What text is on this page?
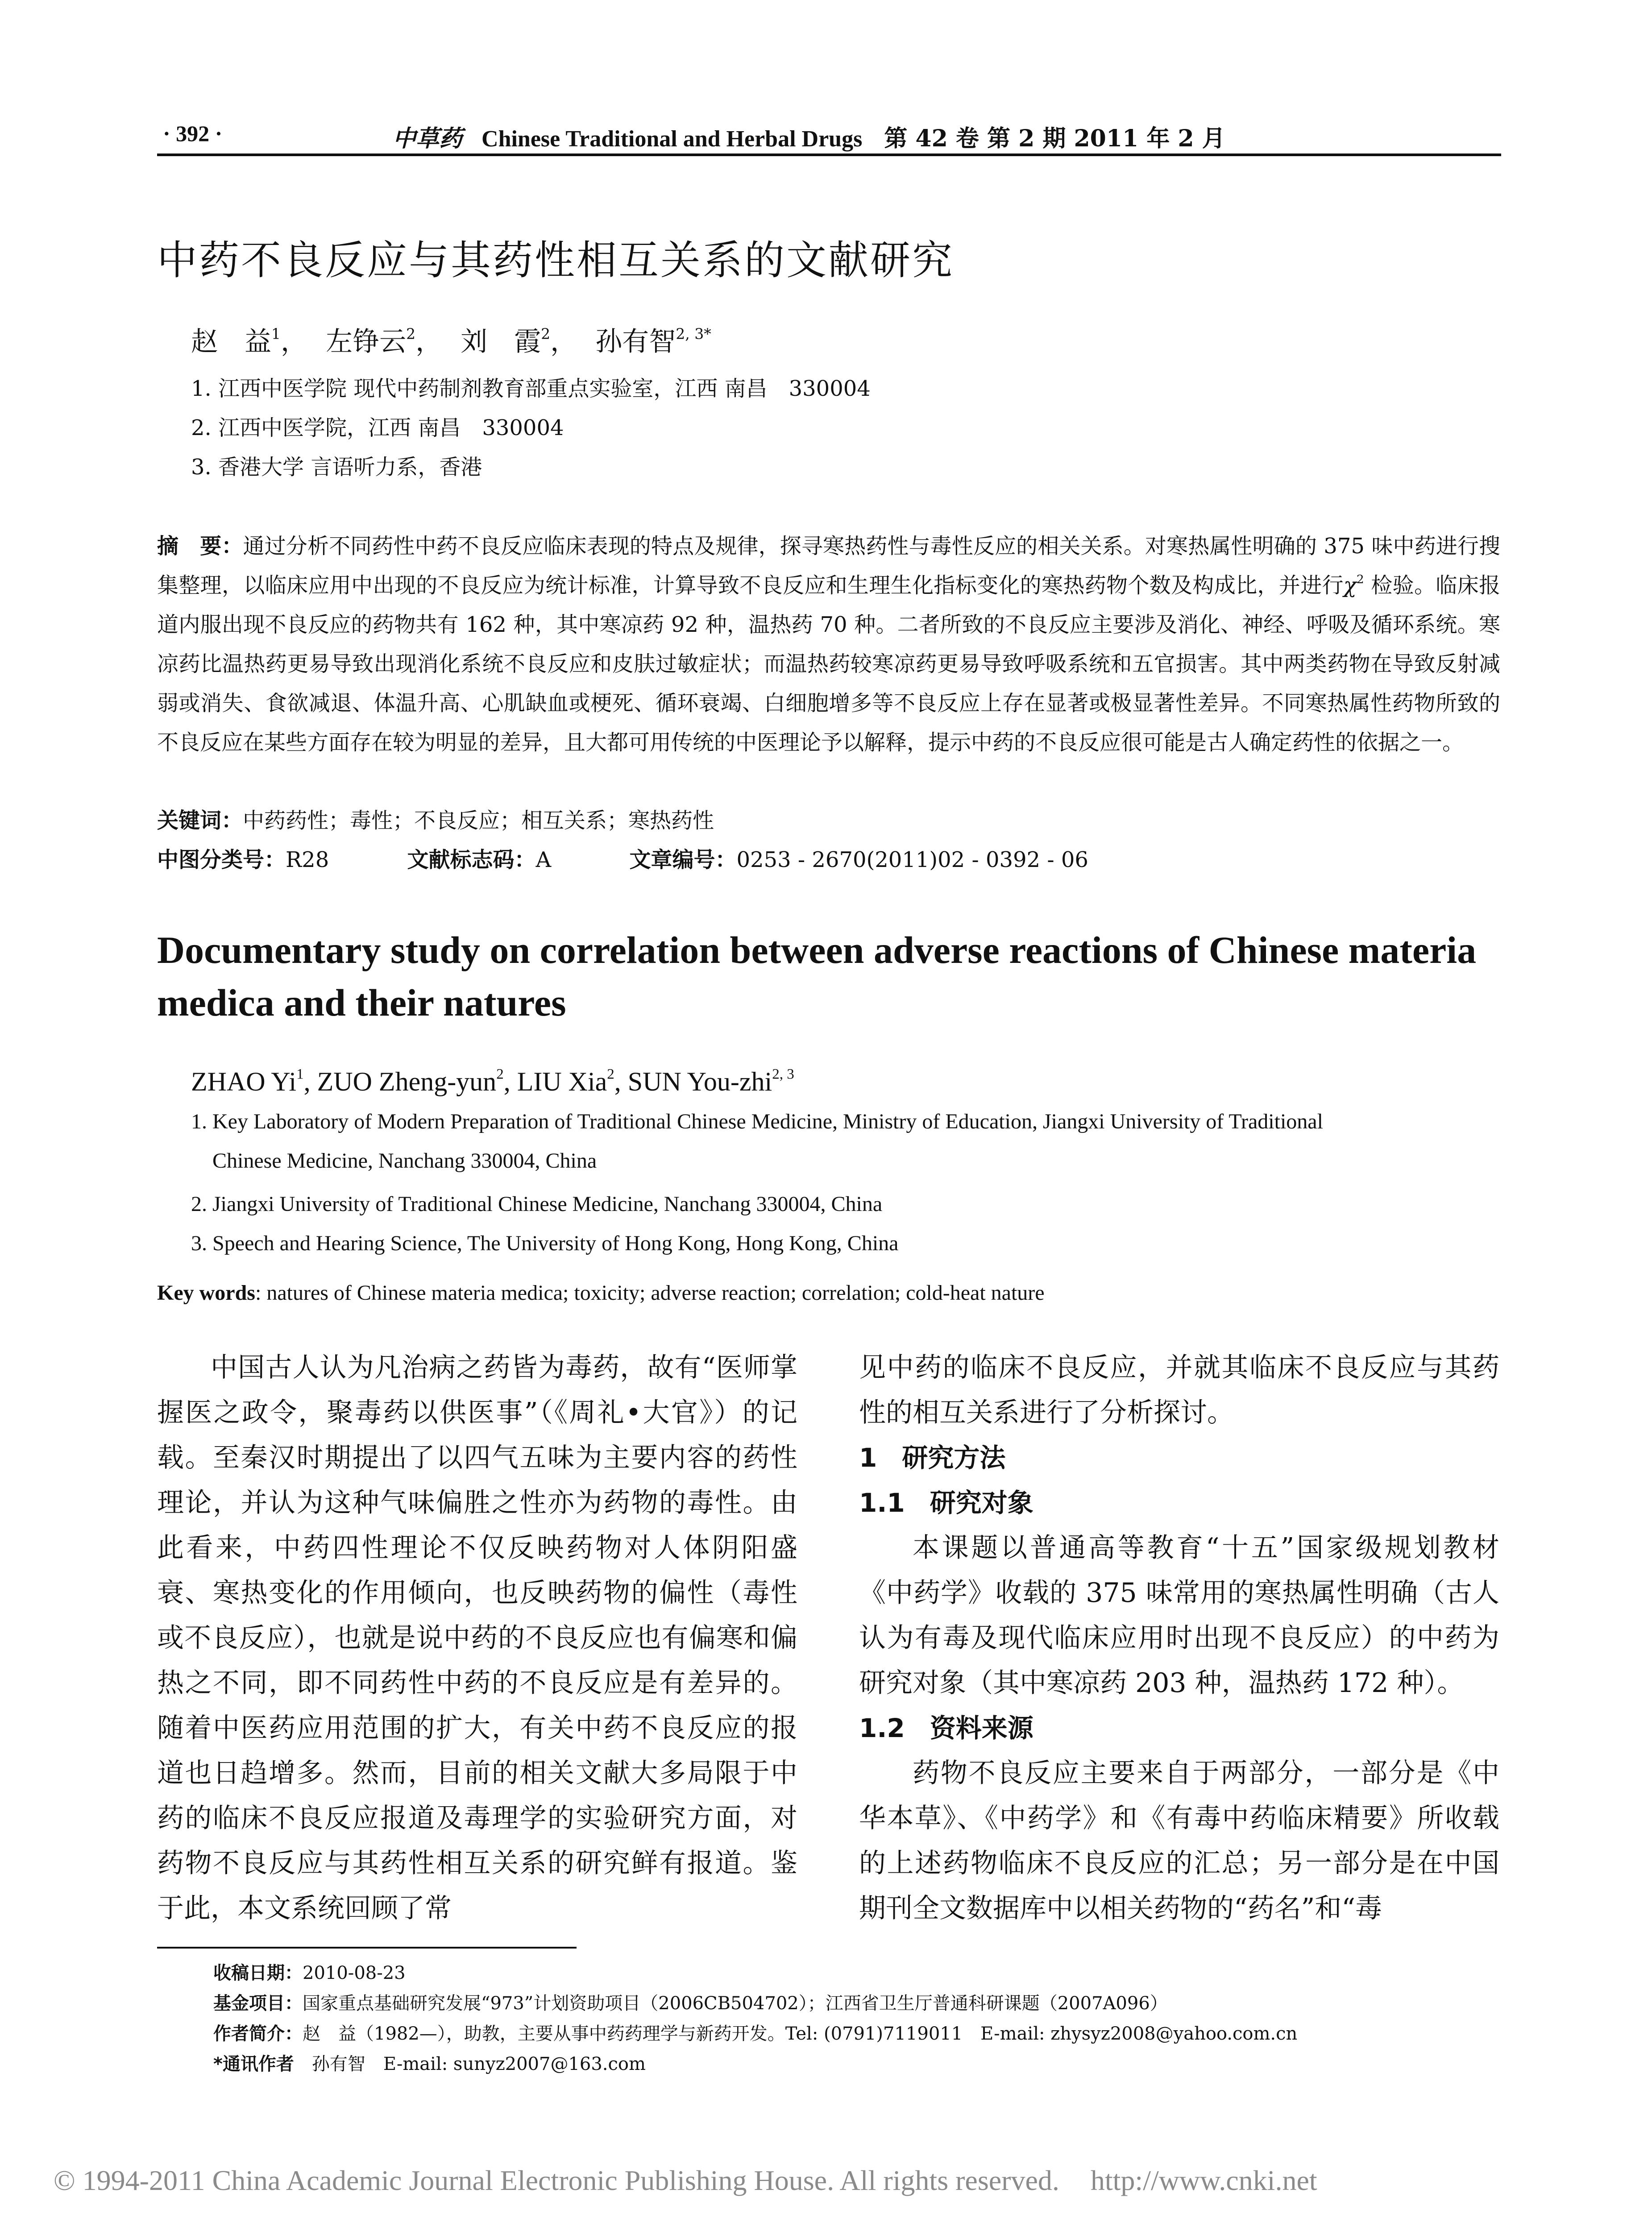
· 392 ·	中草药 Chinese Traditional and Herbal Drugs 第 42 卷 第 2 期 2011 年 2 月
中药不良反应与其药性相互关系的文献研究
赵　益$^1$， 左铮云$^2$， 刘　霞$^2$， 孙有智$^{2, 3*}$
1. 江西中医学院 现代中药制剂教育部重点实验室，江西 南昌　330004
2. 江西中医学院，江西 南昌　330004
3. 香港大学 言语听力系，香港
摘　要：通过分析不同药性中药不良反应临床表现的特点及规律，探寻寒热药性与毒性反应的相关关系。对寒热属性明确的 375 味中药进行搜集整理，以临床应用中出现的不良反应为统计标准，计算导致不良反应和生理生化指标变化的寒热药物个数及构成比，并进行$\chi^2$ 检验。临床报道内服出现不良反应的药物共有 162 种，其中寒凉药 92 种，温热药 70 种。二者所致的不良反应主要涉及消化、神经、呼吸及循环系统。寒凉药比温热药更易导致出现消化系统不良反应和皮肤过敏症状；而温热药较寒凉药更易导致呼吸系统和五官损害。其中两类药物在导致反射减弱或消失、食欲减退、体温升高、心肌缺血或梗死、循环衰竭、白细胞增多等不良反应上存在显著或极显著性差异。不同寒热属性药物所致的不良反应在某些方面存在较为明显的差异，且大都可用传统的中医理论予以解释，提示中药的不良反应很可能是古人确定药性的依据之一。
关键词：中药药性；毒性；不良反应；相互关系；寒热药性
中图分类号：R28	文献标志码：A	文章编号：0253 - 2670(2011)02 - 0392 - 06
Documentary study on correlation between adverse reactions of Chinese materia medica and their natures
ZHAO Yi$^1$, ZUO Zheng-yun$^2$, LIU Xia$^2$, SUN You-zhi$^{2, 3}$
1. Key Laboratory of Modern Preparation of Traditional Chinese Medicine, Ministry of Education, Jiangxi University of Traditional
Chinese Medicine, Nanchang 330004, China
2. Jiangxi University of Traditional Chinese Medicine, Nanchang 330004, China
3. Speech and Hearing Science, The University of Hong Kong, Hong Kong, China
Key words: natures of Chinese materia medica; toxicity; adverse reaction; correlation; cold-heat nature

中国古人认为凡治病之药皆为毒药，故有“医师掌握医之政令，聚毒药以供医事”（《周礼•大官》）的记载。至秦汉时期提出了以四气五味为主要内容的药性理论，并认为这种气味偏胜之性亦为药物的毒性。由此看来，中药四性理论不仅反映药物对人体阴阳盛衰、寒热变化的作用倾向，也反映药物的偏性（毒性或不良反应），也就是说中药的不良反应也有偏寒和偏热之不同，即不同药性中药的不良反应是有差异的。随着中医药应用范围的扩大，有关中药不良反应的报道也日趋增多。然而，目前的相关文献大多局限于中药的临床不良反应报道及毒理学的实验研究方面，对药物不良反应与其药性相互关系的研究鲜有报道。鉴于此，本文系统回顾了常

见中药的临床不良反应，并就其临床不良反应与其药性的相互关系进行了分析探讨。

1 研究方法

1.1 研究对象

本课题以普通高等教育“十五”国家级规划教材《中药学》收载的 375 味常用的寒热属性明确（古人认为有毒及现代临床应用时出现不良反应）的中药为研究对象（其中寒凉药 203 种，温热药 172 种）。

1.2 资料来源

药物不良反应主要来自于两部分，一部分是《中华本草》、《中药学》和《有毒中药临床精要》所收载的上述药物临床不良反应的汇总；另一部分是在中国期刊全文数据库中以相关药物的“药名”和“毒

收稿日期：2010-08-23
基金项目：国家重点基础研究发展“973”计划资助项目（2006CB504702）；江西省卫生厅普通科研课题（2007A096）
作者简介：赵　益（1982—），助教，主要从事中药药理学与新药开发。Tel: (0791)7119011　E-mail: zhysyz2008@yahoo.com.cn
*通讯作者　孙有智　E-mail: sunyz2007@163.com
© 1994-2011 China Academic Journal Electronic Publishing House. All rights reserved. http://www.cnki.net
